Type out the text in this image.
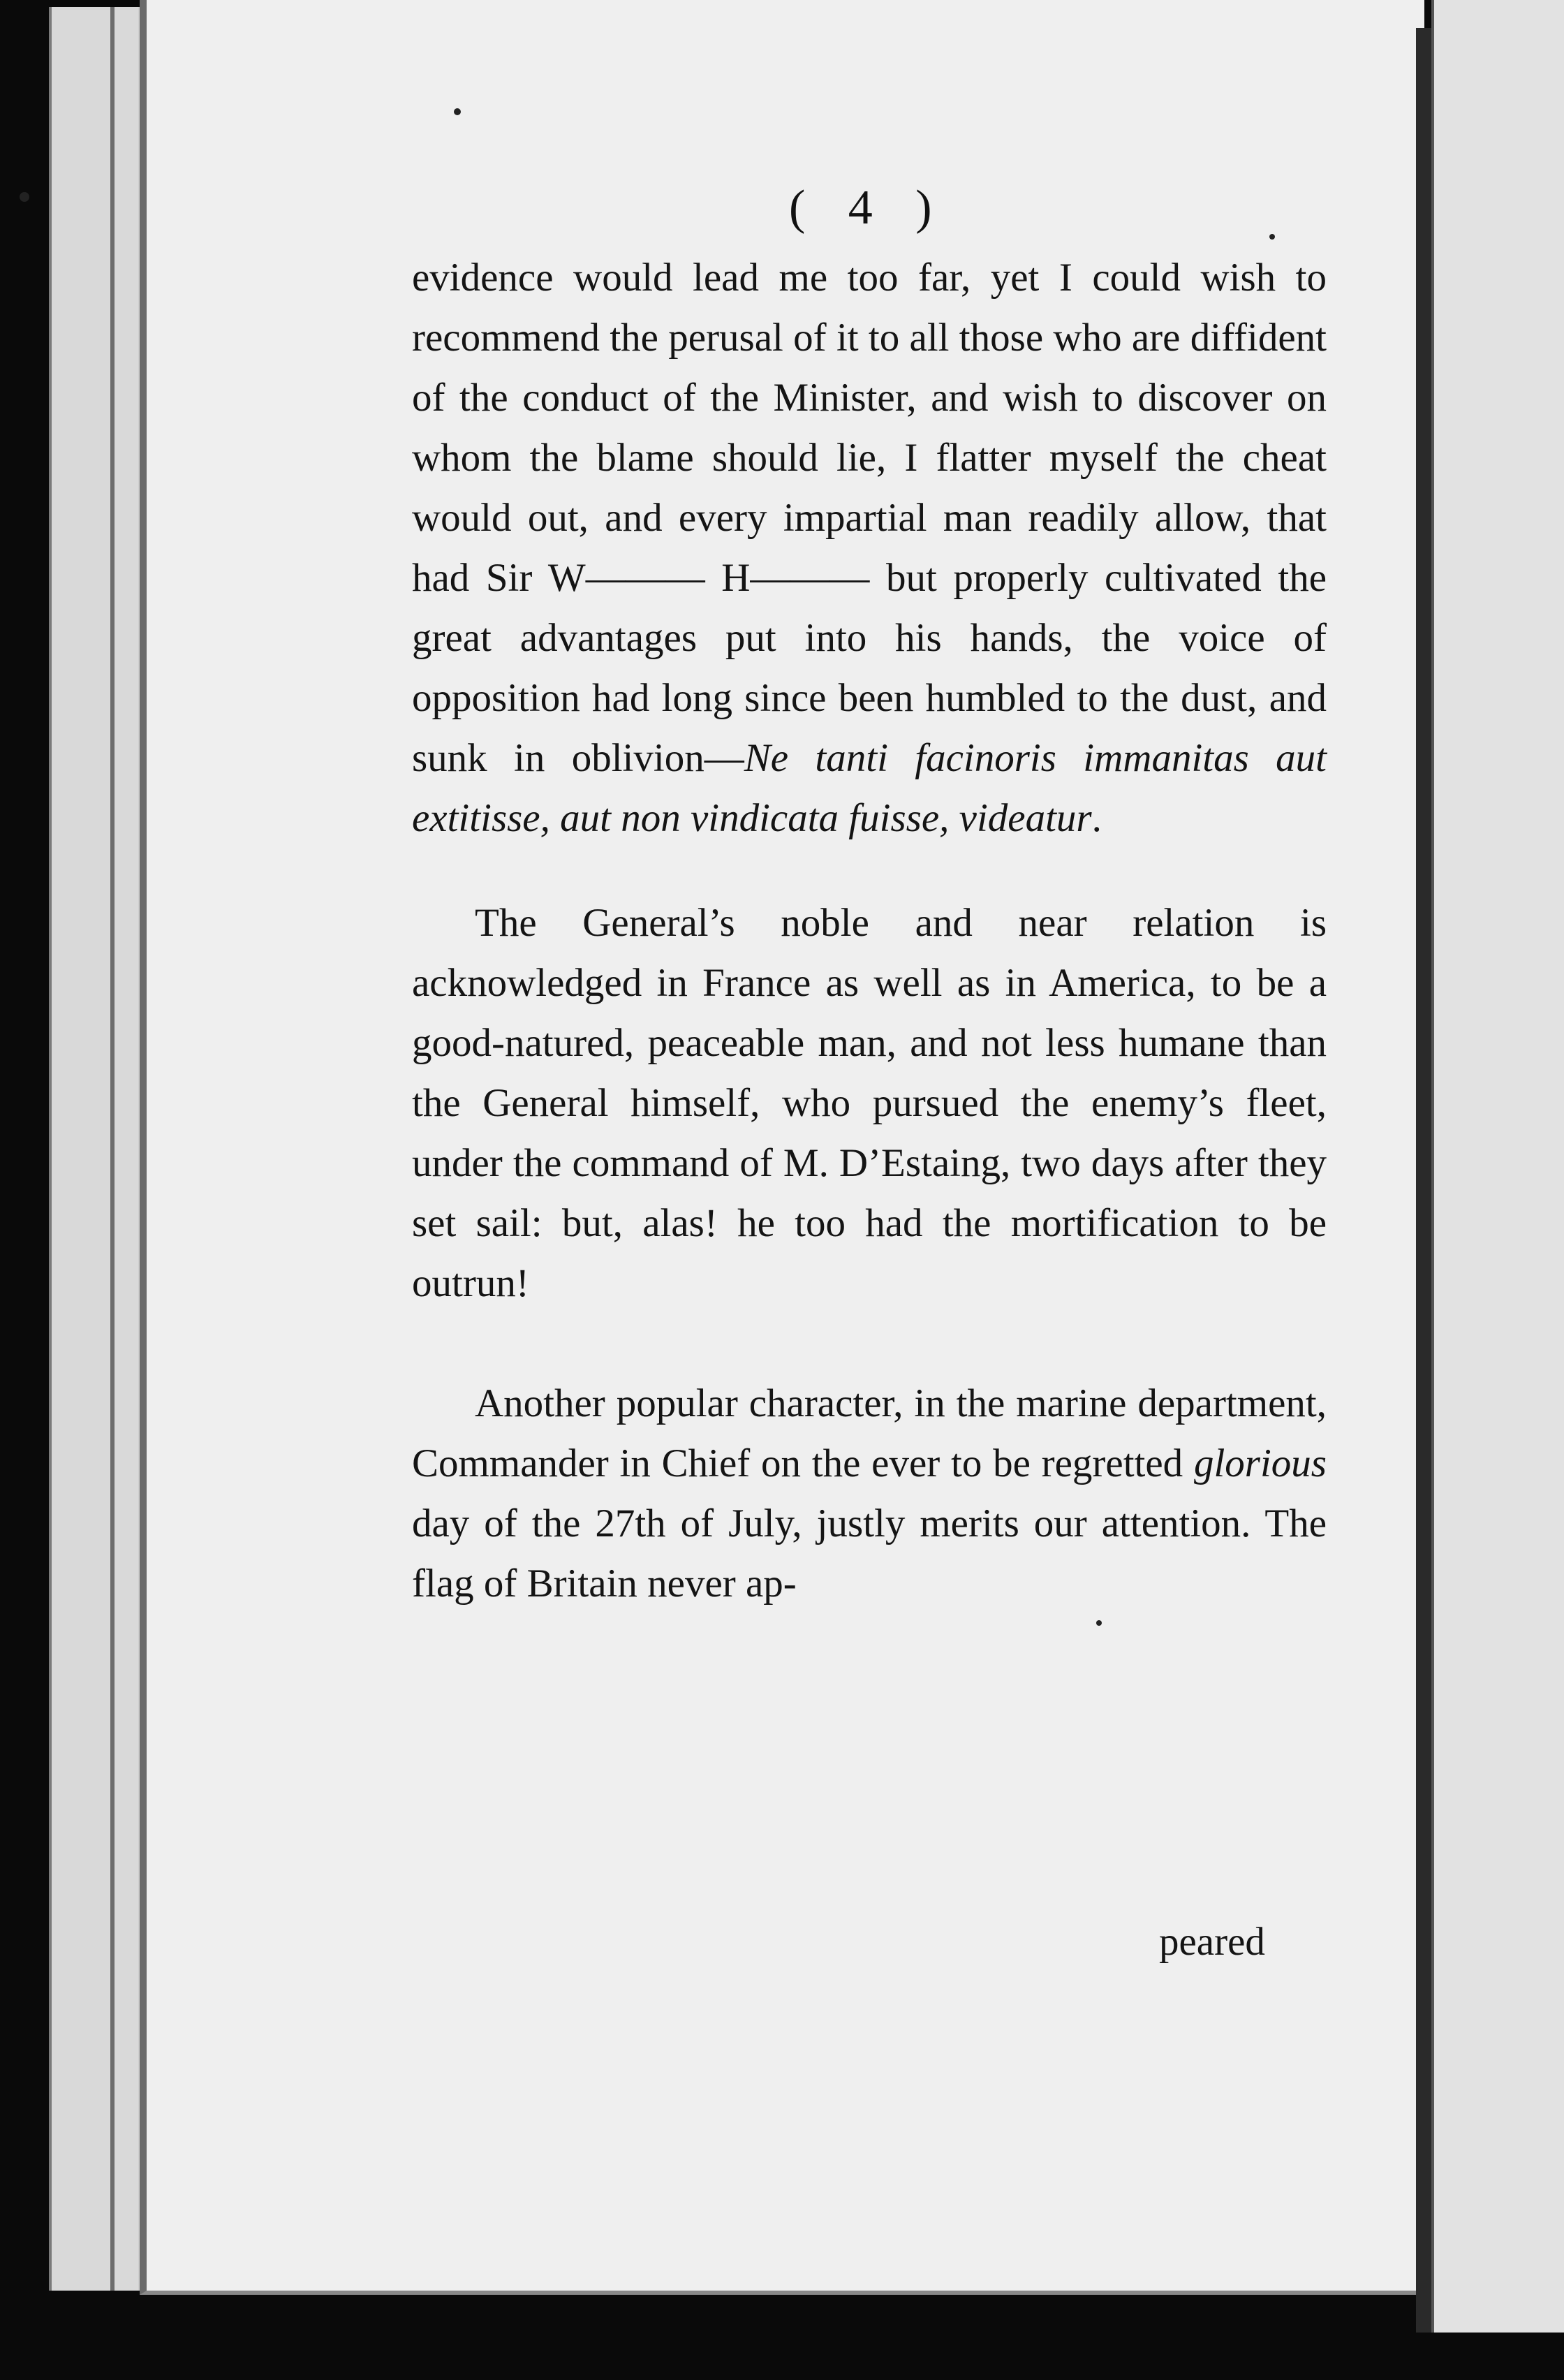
( 4 )

evidence would lead me too far, yet I could wish to recommend the perusal of it to all those who are diffident of the conduct of the Minister, and wish to discover on whom the blame should lie, I flatter myself the cheat would out, and every impartial man readily allow, that had Sir W——— H——— but properly cultivated the great advantages put into his hands, the voice of opposition had long since been humbled to the dust, and sunk in oblivion—Ne tanti facinoris immanitas aut extitisse, aut non vindicata fuisse, videatur.

The General’s noble and near relation is acknowledged in France as well as in America, to be a good-natured, peaceable man, and not less humane than the General himself, who pursued the enemy’s fleet, under the command of M. D’Estaing, two days after they set sail: but, alas! he too had the mortification to be outrun!

Another popular character, in the marine department, Commander in Chief on the ever to be regretted glorious day of the 27th of July, justly merits our attention. The flag of Britain never ap-

peared
